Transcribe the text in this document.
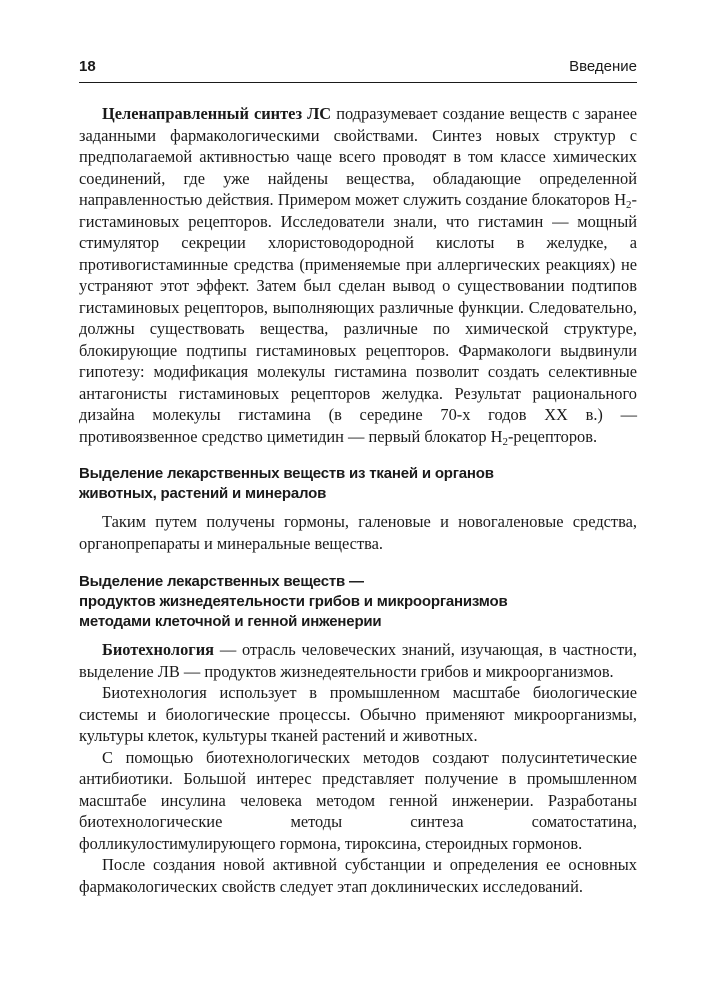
18	Введение

Целенаправленный синтез ЛС подразумевает создание веществ с заранее заданными фармакологическими свойствами. Синтез новых структур с предполагаемой активностью чаще всего проводят в том классе химических соединений, где уже найдены вещества, обладающие определенной направленностью действия. Примером может служить создание блокаторов $H_2$-гистаминовых рецепторов. Исследователи знали, что гистамин — мощный стимулятор секреции хлористоводородной кислоты в желудке, а противогистаминные средства (применяемые при аллергических реакциях) не устраняют этот эффект. Затем был сделан вывод о существовании подтипов гистаминовых рецепторов, выполняющих различные функции. Следовательно, должны существовать вещества, различные по химической структуре, блокирующие подтипы гистаминовых рецепторов. Фармакологи выдвинули гипотезу: модификация молекулы гистамина позволит создать селективные антагонисты гистаминовых рецепторов желудка. Результат рационального дизайна молекулы гистамина (в середине 70-х годов XX в.) — противоязвенное средство циметидин — первый блокатор $H_2$-рецепторов.

Выделение лекарственных веществ из тканей и органов
животных, растений и минералов

Таким путем получены гормоны, галеновые и новогаленовые средства, органопрепараты и минеральные вещества.

Выделение лекарственных веществ —
продуктов жизнедеятельности грибов и микроорганизмов
методами клеточной и генной инженерии

Биотехнология — отрасль человеческих знаний, изучающая, в частности, выделение ЛВ — продуктов жизнедеятельности грибов и микроорганизмов.

Биотехнология использует в промышленном масштабе биологические системы и биологические процессы. Обычно применяют микроорганизмы, культуры клеток, культуры тканей растений и животных.

С помощью биотехнологических методов создают полусинтетические антибиотики. Большой интерес представляет получение в промышленном масштабе инсулина человека методом генной инженерии. Разработаны биотехнологические методы синтеза соматостатина, фолликулостимулирующего гормона, тироксина, стероидных гормонов.

После создания новой активной субстанции и определения ее основных фармакологических свойств следует этап доклинических исследований.
